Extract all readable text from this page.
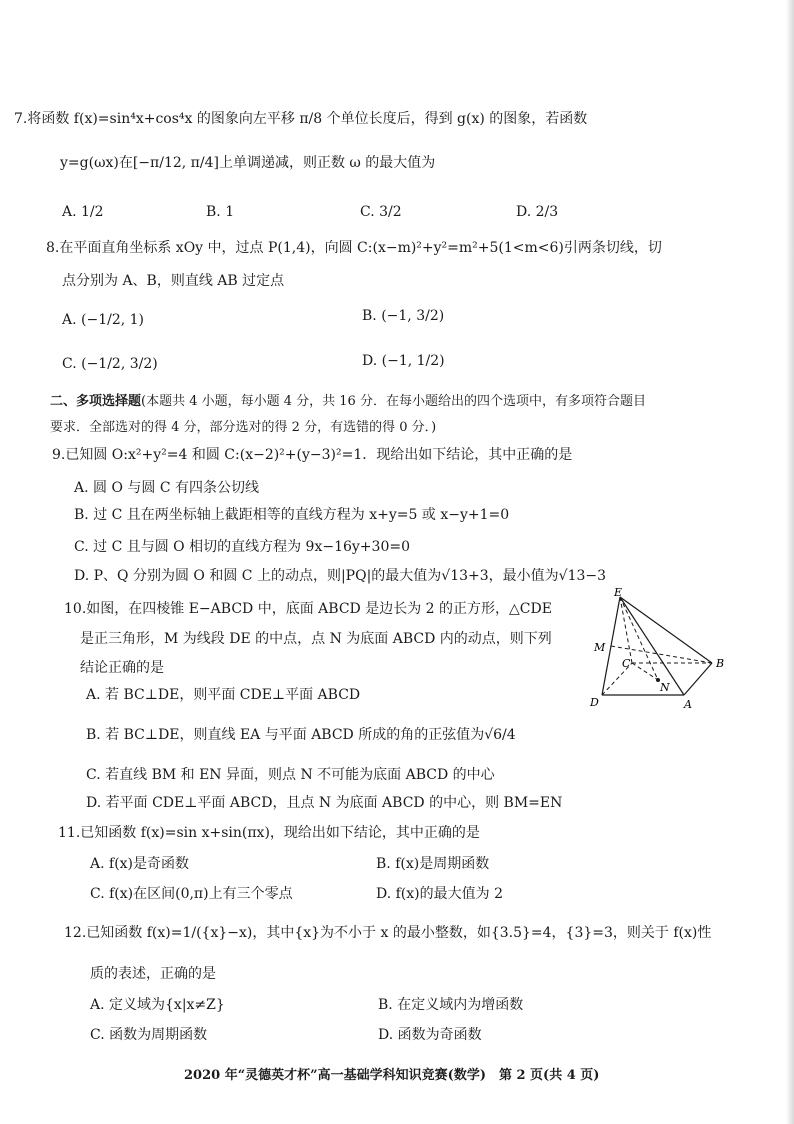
7.将函数 f(x)=sin⁴x+cos⁴x 的图象向左平移 π/8 个单位长度后，得到 g(x) 的图象，若函数
y=g(ωx)在[−π/12, π/4]上单调递减，则正数 ω 的最大值为
A. 1/2	B. 1	C. 3/2	D. 2/3
8.在平面直角坐标系 xOy 中，过点 P(1,4)，向圆 C:(x−m)²+y²=m²+5(1<m<6)引两条切线，切
点分别为 A、B，则直线 AB 过定点
A. (−1/2, 1)	B. (−1, 3/2)
C. (−1/2, 3/2)	D. (−1, 1/2)
二、多项选择题(本题共 4 小题，每小题 4 分，共 16 分．在每小题给出的四个选项中，有多项符合题目
要求．全部选对的得 4 分，部分选对的得 2 分，有选错的得 0 分．)
9.已知圆 O:x²+y²=4 和圆 C:(x−2)²+(y−3)²=1．现给出如下结论，其中正确的是
A. 圆 O 与圆 C 有四条公切线
B. 过 C 且在两坐标轴上截距相等的直线方程为 x+y=5 或 x−y+1=0
C. 过 C 且与圆 O 相切的直线方程为 9x−16y+30=0
D. P、Q 分别为圆 O 和圆 C 上的动点，则|PQ|的最大值为√13+3，最小值为√13−3
10.如图，在四棱锥 E−ABCD 中，底面 ABCD 是边长为 2 的正方形，△CDE
是正三角形，M 为线段 DE 的中点，点 N 为底面 ABCD 内的动点，则下列
结论正确的是
A. 若 BC⊥DE，则平面 CDE⊥平面 ABCD
B. 若 BC⊥DE，则直线 EA 与平面 ABCD 所成的角的正弦值为√6/4
C. 若直线 BM 和 EN 异面，则点 N 不可能为底面 ABCD 的中心
D. 若平面 CDE⊥平面 ABCD，且点 N 为底面 ABCD 的中心，则 BM=EN
E
M
C	B
N
D	A
11.已知函数 f(x)=sin x+sin(πx)，现给出如下结论，其中正确的是
A. f(x)是奇函数	B. f(x)是周期函数
C. f(x)在区间(0,π)上有三个零点	D. f(x)的最大值为 2
12.已知函数 f(x)=1/({x}−x)，其中{x}为不小于 x 的最小整数，如{3.5}=4，{3}=3，则关于 f(x)性
质的表述，正确的是
A. 定义域为{x|x≠Z}	B. 在定义域内为增函数
C. 函数为周期函数	D. 函数为奇函数
2020 年“灵德英才杯”高一基础学科知识竞赛(数学)　第 2 页(共 4 页)
